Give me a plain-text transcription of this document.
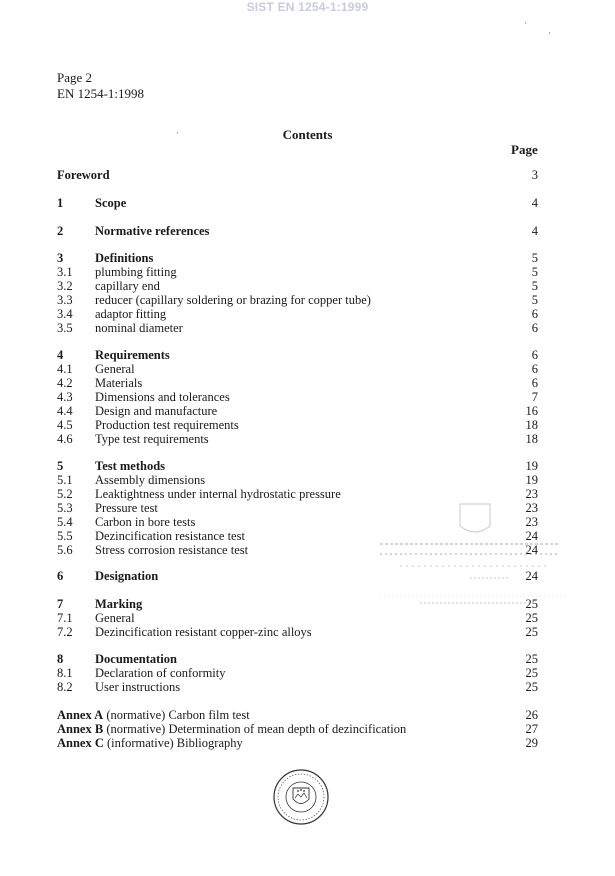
SIST EN 1254-1:1999
Page 2
EN 1254-1:1998
Contents
Page
Foreword	3
1	Scope	4
2	Normative references	4
3	Definitions	5
3.1 plumbing fitting	5
3.2 capillary end	5
3.3 reducer (capillary soldering or brazing for copper tube)	5
3.4 adaptor fitting	6
3.5 nominal diameter	6
4	Requirements	6
4.1 General	6
4.2 Materials	6
4.3 Dimensions and tolerances	7
4.4 Design and manufacture	16
4.5 Production test requirements	18
4.6 Type test requirements	18
5	Test methods	19
5.1 Assembly dimensions	19
5.2 Leaktightness under internal hydrostatic pressure	23
5.3 Pressure test	23
5.4 Carbon in bore tests	23
5.5 Dezincification resistance test	24
5.6 Stress corrosion resistance test	24
6	Designation	24
7	Marking	25
7.1 General	25
7.2 Dezincification resistant copper-zinc alloys	25
8	Documentation	25
8.1 Declaration of conformity	25
8.2 User instructions	25
Annex A (normative) Carbon film test	26
Annex B (normative) Determination of mean depth of dezincification	27
Annex C (informative) Bibliography	29
·
·
·
